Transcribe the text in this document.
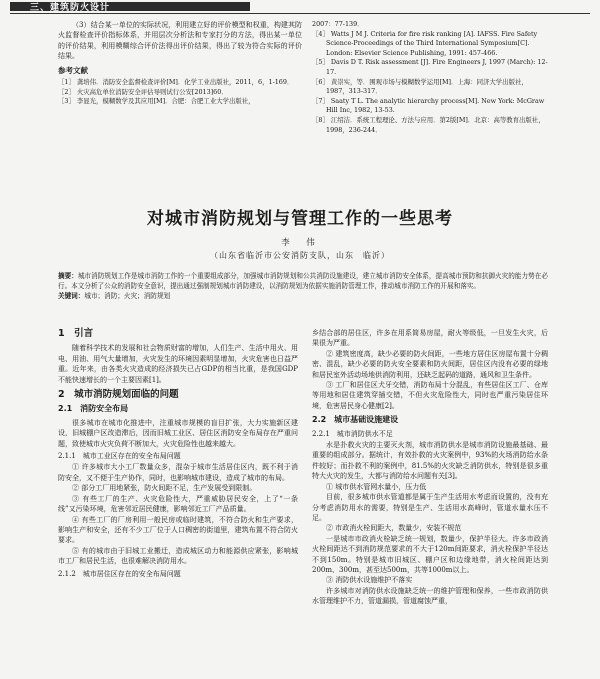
三、建筑防火设计

（3）结合某一单位的实际状况，利用建立好的评价模型和权重，构建其防火监督检查评价指标体系，并用层次分析法和专家打分的方法，得出某一单位的评价结果，利用模糊综合评价法得出评价结果，得出了较为符合实际的评价结果。

参考文献

［1］ 龚培伟．消防安全监督检查评价[M]．化学工业出版社，2011，6，1-169．

［2］ 火灾高危单位消防安全评估导则试行公安[2013]60．

［3］ 李显光，模糊数学及其应用[M]．合肥：合肥工业大学出版社，

2007：77-139．

［4］ Watts J M J. Criteria for fire risk ranking [A]. IAFSS. Fire Safety Science-Proceedings of the Third International Symposium[C]. London: Elsevier Science Publishing, 1991: 457-466.

［5］ Davis D T. Risk assessment [J]. Fire Engineers J, 1997 (March): 12-17.

［6］ 黄崇实，等．围观市场与模糊数学运用[M]．上海：同济大学出版社，1987，313-317．

［7］ Saaty T L. The analytic hierarchy process[M]. New York: McGraw Hill Inc, 1982, 13-53.

［8］ 江绍洁．系统工程理论、方法与应用．第2版[M]．北京：高等教育出版社，1998，236-244．

对城市消防规划与管理工作的一些思考
李　伟
（山东省临沂市公安消防支队，山东　临沂）
摘要：城市消防规划工作是城市消防工作的一个重要组成部分，加强城市消防规划和公共消防设施建设，建立城市消防安全体系，提高城市预防和抗御火灾的能力势在必行。本文分析了公众的消防安全意识，提出通过强制规划城市消防建设，以消防规划为依据实施消防管理工作，推动城市消防工作的开展和落实。
关键词：城市；消防；火灾；消防规划
1　引言

随着科学技术的发展和社会物质财富的增加，人们生产、生活中用火、用电、用油、用气大量增加，火灾发生的环境因素明显增加，火灾危害也日益严重。近年来，由各类火灾造成的经济损失已占GDP的相当比重，是我国GDP不能快速增长的一个主要因素[1]。

2　城市消防规划面临的问题
2.1　消防安全布局

很多城市在城市化推进中，注重城市规模的盲目扩张，大力实施新区建设，旧城棚户区改造滞后，因而旧城工业区、居住区消防安全布局存在严重问题，致使城市火灾负荷不断加大，火灾危险性也越来越大。

2.1.1　城市工业区存在的安全布局问题

① 许多城市大小工厂数量众多，混杂于城市生活居住区内，既不利于消防安全，又不便于生产协作，同时，也影响城市建设，造成了城市的布局。

② 部分工厂用地紧张，防火间距不足，生产发展受到限制。

③ 有些工厂的生产、火灾危险性大，严重威胁居民安全，上了“一条线”又污染环境，危害邻近居民健康，影响邻近工厂产品质量。

④ 有些工厂的厂房利用一般民房或临时建筑，不符合防火和生产要求，影响生产和安全，还有不少工厂位于人口稠密的街道里，建筑布置不符合防火要求。

⑤ 有的城市由于旧城工业搬迁，造成城区动力和能源供应紧张，影响城市工厂和居民生活，也很难解决消防用水。

2.1.2　城市居住区存在的安全布局问题

乡结合部的居住区，许多在用系简易房屋，耐火等级低，一旦发生火灾，后果很为严重。

② 建筑密度高，缺少必要的防火间距，一些地方居住区房屋布置十分稠密、混乱，缺少必要的防火安全要素和防火间距，居住区内没有必要的绿地和居民室外活动场地供消防利用，还缺乏起码的道路，通风和卫生条件。

③ 工厂和居住区犬牙交错，消防布局十分混乱，有些居住区工厂、仓库等用地和居住建筑穿插交错，不但火灾危险性大，同时也严重污染居住环境，危害居民身心健康[2]。

2.2　城市基础设施建设
2.2.1　城市消防供水不足

水是扑救火灾的主要灭火剂，城市消防供水是城市消防设施最基础、最重要的组成部分。据统计，有效扑救的火灾案例中，93%的火场消防给水条件较好；而扑救不利的案例中，81.5%的火灾缺乏消防供水，特别是很多重特大火灾的发生，大都与消防给水问题有关[3]。

① 城市供水管网水量小，压力低

目前，很多城市供水管道都是属于生产生活用水考虑而设置的，没有充分考虑消防用水的需要，特别是生产、生活用水高峰时，管道水量水压不足。

② 市政消火栓间距大，数量少，安装不规范

一是城市市政消火栓缺乏统一规划，数量少，保护半径大。许多市政消火栓间距达不到消防规范要求的不大于120m间距要求，消火栓保护半径达不到150m。特别是城市旧城区、棚户区和边缘地带，消火栓间距达到200m、300m，甚至达500m，共等1000m以上。

③ 消防供水设施维护不落实

许多城市对消防供水设施缺乏统一的维护管理和保养，一些市政消防供水管理维护不力，管道漏损，管道腐蚀严重，
